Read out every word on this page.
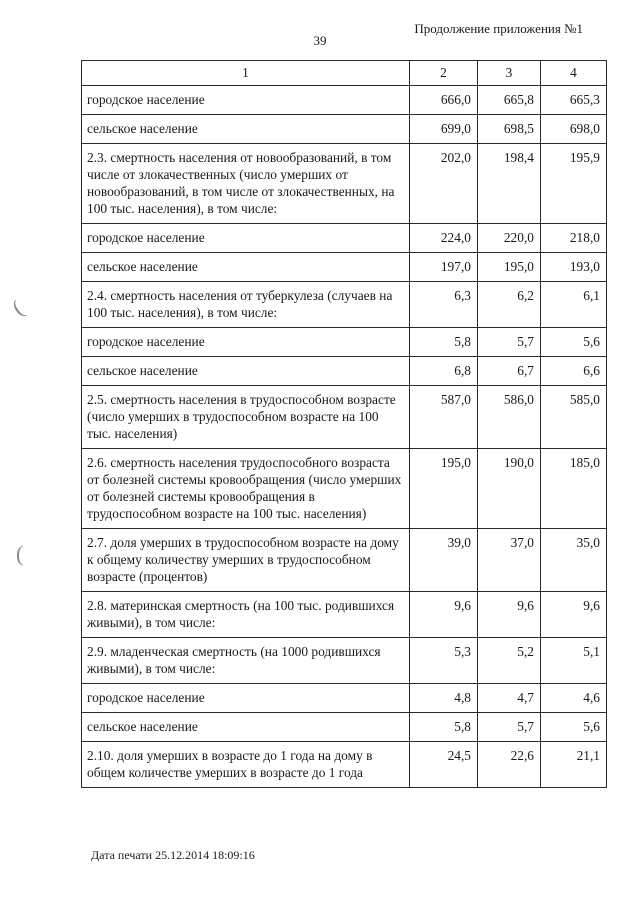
Продолжение приложения №1
39
(
(
1	2	3	4
городское население	666,0	665,8	665,3
сельское население	699,0	698,5	698,0
2.3. смертность населения от новообразований, в том числе от злокачественных (число умерших от новообразований, в том числе от злокачественных, на 100 тыс. населения), в том числе:	202,0	198,4	195,9
городское население	224,0	220,0	218,0
сельское население	197,0	195,0	193,0
2.4. смертность населения от туберкулеза (случаев на 100 тыс. населения), в том числе:	6,3	6,2	6,1
городское население	5,8	5,7	5,6
сельское население	6,8	6,7	6,6
2.5. смертность населения в трудоспособном возрасте (число умерших в трудоспособном возрасте на 100 тыс. населения)	587,0	586,0	585,0
2.6. смертность населения трудоспособного возраста от болезней системы кровообращения (число умерших от болезней системы кровообращения в трудоспособном возрасте на 100 тыс. населения)	195,0	190,0	185,0
2.7. доля умерших в трудоспособном возрасте на дому к общему количеству умерших в трудоспособном возрасте (процентов)	39,0	37,0	35,0
2.8. материнская смертность (на 100 тыс. родившихся живыми), в том числе:	9,6	9,6	9,6
2.9. младенческая смертность (на 1000 родившихся живыми), в том числе:	5,3	5,2	5,1
городское население	4,8	4,7	4,6
сельское население	5,8	5,7	5,6
2.10. доля умерших в возрасте до 1 года на дому в общем количестве умерших в возрасте до 1 года	24,5	22,6	21,1
Дата печати 25.12.2014 18:09:16
